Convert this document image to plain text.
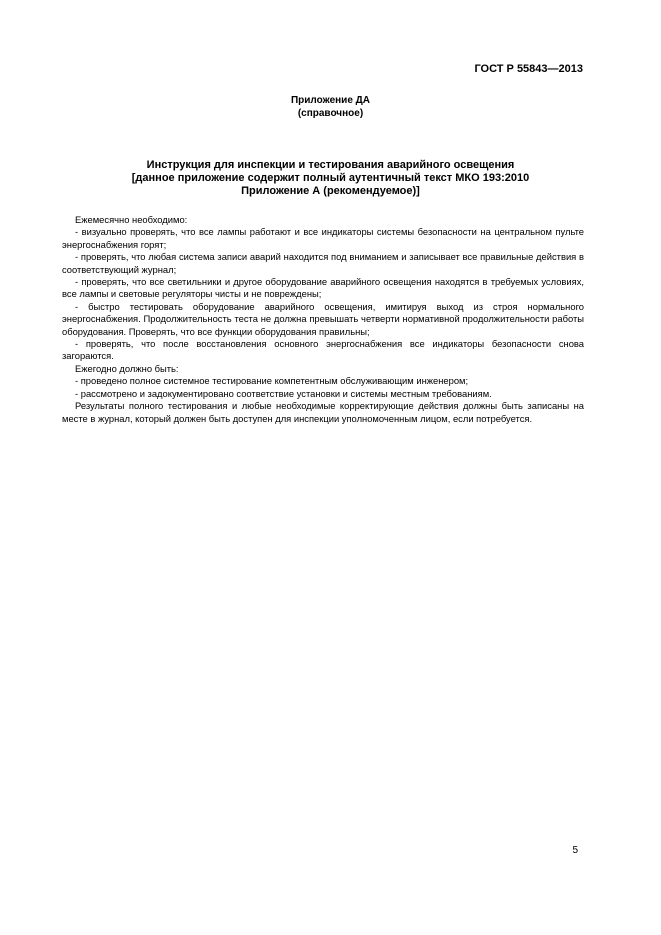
ГОСТ Р 55843—2013
Приложение ДА
(справочное)
Инструкция для инспекции и тестирования аварийного освещения
[данное приложение содержит полный аутентичный текст МКО 193:2010
Приложение А (рекомендуемое)]

Ежемесячно необходимо:

- визуально проверять, что все лампы работают и все индикаторы системы безопасности на центральном пульте энергоснабжения горят;

- проверять, что любая система записи аварий находится под вниманием и записывает все правильные действия в соответствующий журнал;

- проверять, что все светильники и другое оборудование аварийного освещения находятся в требуемых условиях, все лампы и световые регуляторы чисты и не повреждены;

- быстро тестировать оборудование аварийного освещения, имитируя выход из строя нормального энергоснабжения. Продолжительность теста не должна превышать четверти нормативной продолжительности работы оборудования. Проверять, что все функции оборудования правильны;

- проверять, что после восстановления основного энергоснабжения все индикаторы безопасности снова загораются.

Ежегодно должно быть:

- проведено полное системное тестирование компетентным обслуживающим инженером;

- рассмотрено и задокументировано соответствие установки и системы местным требованиям.

Результаты полного тестирования и любые необходимые корректирующие действия должны быть записаны на месте в журнал, который должен быть доступен для инспекции уполномоченным лицом, если потребуется.

5
